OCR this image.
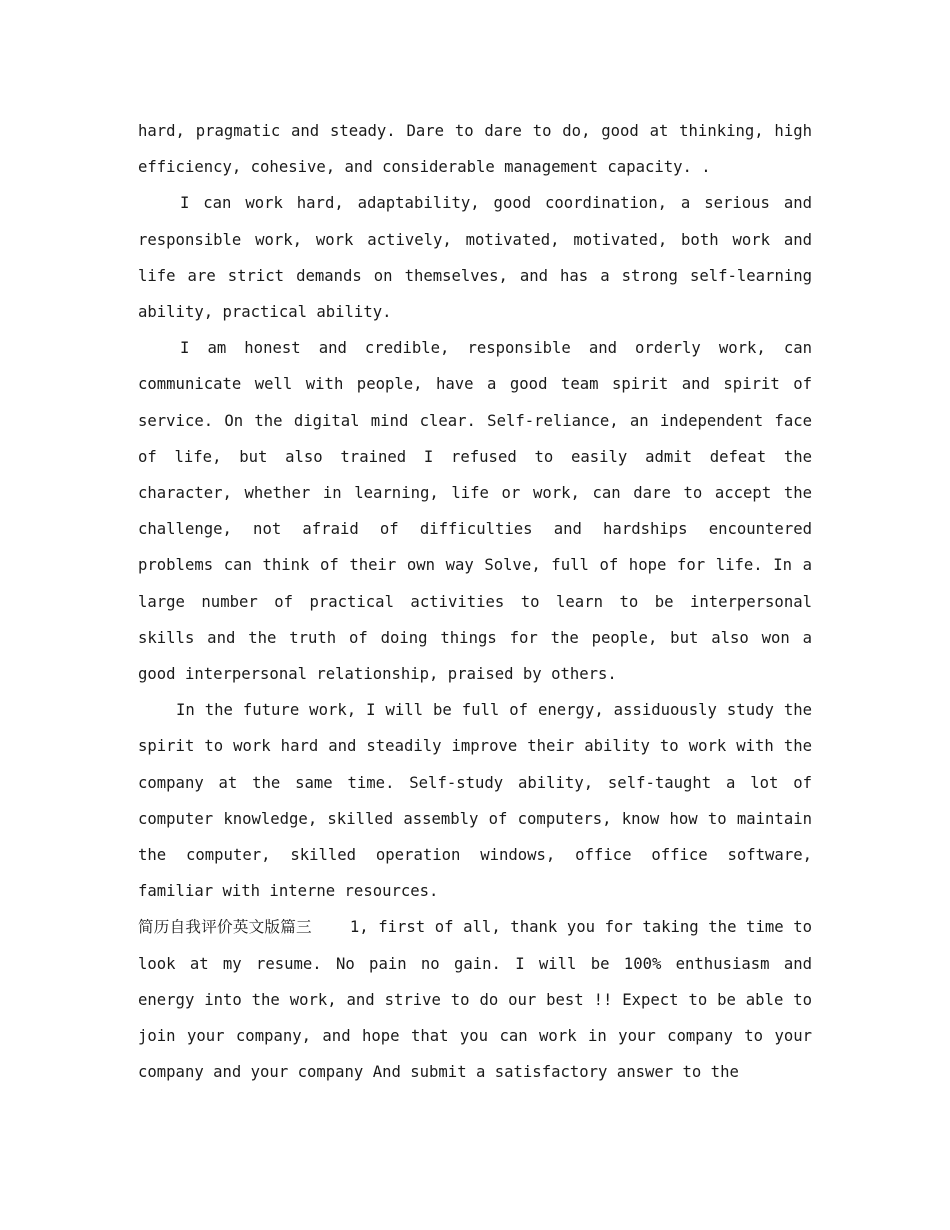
hard, pragmatic and steady. Dare to dare to do, good at thinking, high efficiency, cohesive, and considerable management capacity. .

I can work hard, adaptability, good coordination, a serious and responsible work, work actively, motivated, motivated, both work and life are strict demands on themselves, and has a strong self-learning ability, practical ability.

I am honest and credible, responsible and orderly work, can communicate well with people, have a good team spirit and spirit of service. On the digital mind clear. Self-reliance, an independent face of life, but also trained I refused to easily admit defeat the character, whether in learning, life or work, can dare to accept the challenge, not afraid of difficulties and hardships encountered problems can think of their own way Solve, full of hope for life. In a large number of practical activities to learn to be interpersonal skills and the truth of doing things for the people, but also won a good interpersonal relationship, praised by others.

In the future work, I will be full of energy, assiduously study the spirit to work hard and steadily improve their ability to work with the company at the same time. Self-study ability, self-taught a lot of computer knowledge, skilled assembly of computers, know how to maintain the computer, skilled operation windows, office office software, familiar with interne resources.

简历自我评价英文版篇三 1, first of all, thank you for taking the time to look at my resume. No pain no gain. I will be 100% enthusiasm and energy into the work, and strive to do our best !! Expect to be able to join your company, and hope that you can work in your company to your company and your company And submit a satisfactory answer to the
